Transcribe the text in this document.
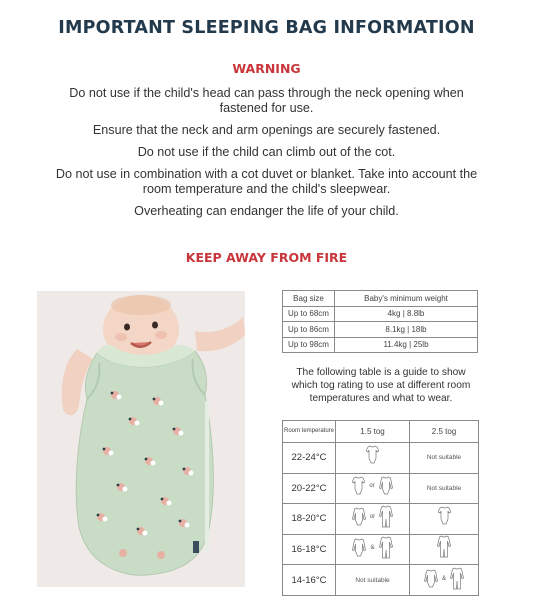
IMPORTANT SLEEPING BAG INFORMATION
WARNING

Do not use if the child's head can pass through the neck opening when fastened for use.

Ensure that the neck and arm openings are securely fastened.

Do not use if the child can climb out of the cot.

Do not use in combination with a cot duvet or blanket. Take into account the room temperature and the child's sleepwear.

Overheating can endanger the life of your child.

KEEP AWAY FROM FIRE
Bag size	Baby's minimum weight
Up to 68cm	4kg | 8.8lb
Up to 86cm	8.1kg | 18lb
Up to 98cm	11.4kg | 25lb

The following table is a guide to show which tog rating to use at different room temperatures and what to wear.

Room temperature	1.5 tog	2.5 tog
22-24°C		Not suitable
20-22°C	or	Not suitable
18-20°C	or

16-18°C	&

14-16°C	Not suitable	&
